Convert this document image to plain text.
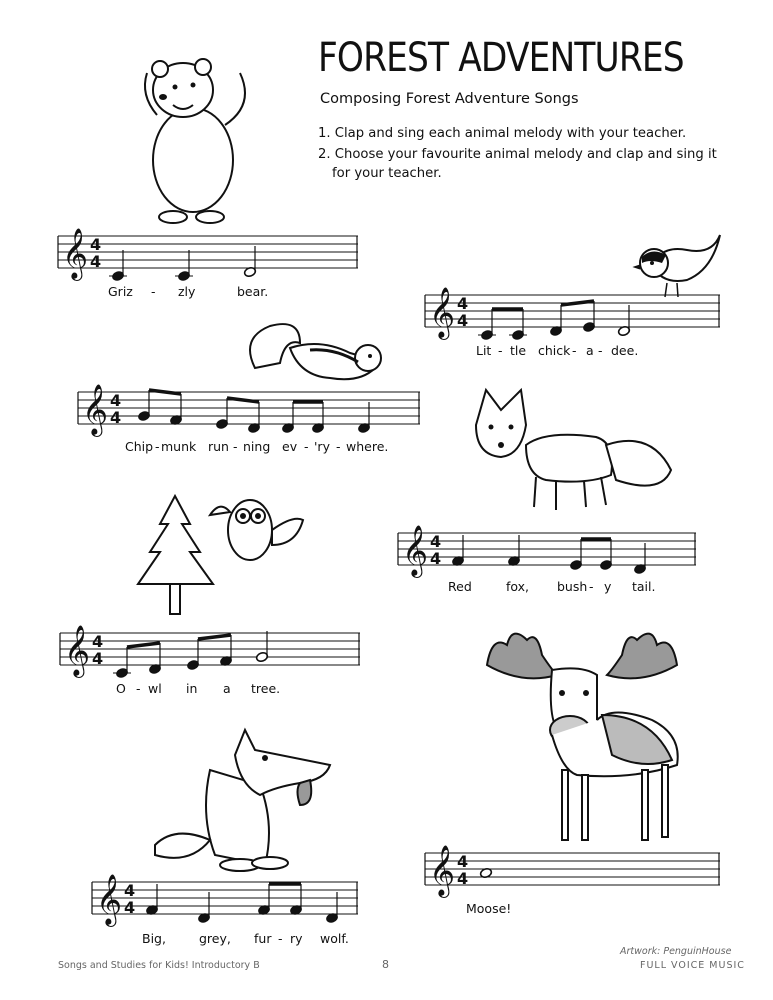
FOREST ADVENTURES
Composing Forest Adventure Songs
1. Clap and sing each animal melody with your teacher.
2. Choose your favourite animal melody and clap and sing it for your teacher.
𝄞 4
4
𝄞 4
4
𝄞 4
4
𝄞 4
4
𝄞 4
4
𝄞 4
4
𝄞 4
4
Griz - zly	bear.
Lit - tle chick - a - dee.
Chip - munk run - ning ev - 'ry - where.
Red	fox, bush - y tail.
O - wl in a tree.
Big,	grey, fur - ry wolf.
Moose!
Songs and Studies for Kids! Introductory B	8
Artwork: PenguinHouse
FULL VOICE MUSIC
